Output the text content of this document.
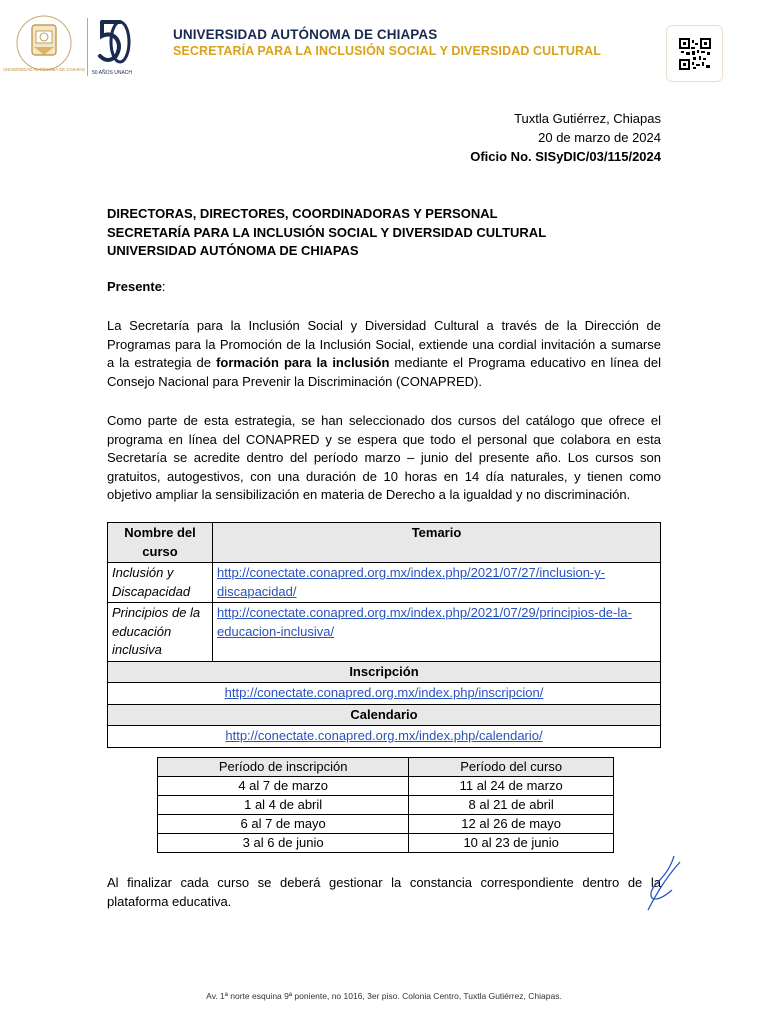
UNIVERSIDAD AUTÓNOMA DE CHIAPAS
50 AÑOS UNACH
UNIVERSIDAD AUTÓNOMA DE CHIAPAS
SECRETARÍA PARA LA INCLUSIÓN SOCIAL Y DIVERSIDAD CULTURAL
Tuxtla Gutiérrez, Chiapas
20 de marzo de 2024
Oficio No. SISyDIC/03/115/2024
DIRECTORAS, DIRECTORES, COORDINADORAS Y PERSONAL
SECRETARÍA PARA LA INCLUSIÓN SOCIAL Y DIVERSIDAD CULTURAL
UNIVERSIDAD AUTÓNOMA DE CHIAPAS
Presente:
La Secretaría para la Inclusión Social y Diversidad Cultural a través de la Dirección de Programas para la Promoción de la Inclusión Social, extiende una cordial invitación a sumarse a la estrategia de formación para la inclusión mediante el Programa educativo en línea del Consejo Nacional para Prevenir la Discriminación (CONAPRED).
Como parte de esta estrategia, se han seleccionado dos cursos del catálogo que ofrece el programa en línea del CONAPRED y se espera que todo el personal que colabora en esta Secretaría se acredite dentro del período marzo – junio del presente año. Los cursos son gratuitos, autogestivos, con una duración de 10 horas en 14 día naturales, y tienen como objetivo ampliar la sensibilización en materia de Derecho a la igualdad y no discriminación.
Nombre del curso	Temario
Inclusión y Discapacidad	http://conectate.conapred.org.mx/index.php/2021/07/27/inclusion-y-discapacidad/
Principios de la educación inclusiva	http://conectate.conapred.org.mx/index.php/2021/07/29/principios-de-la-educacion-inclusiva/
Inscripción	
http://conectate.conapred.org.mx/index.php/inscripcion/	
Calendario	
http://conectate.conapred.org.mx/index.php/calendario/	
Período de inscripción	Período del curso
4 al 7 de marzo	11 al 24 de marzo
1 al 4 de abril	8 al 21 de abril
6 al 7 de mayo	12 al 26 de mayo
3 al 6 de junio	10 al 23 de junio
Al finalizar cada curso se deberá gestionar la constancia correspondiente dentro de la plataforma educativa.
Av. 1ª norte esquina 9ª poniente, no 1016, 3er piso. Colonia Centro, Tuxtla Gutiérrez, Chiapas.
